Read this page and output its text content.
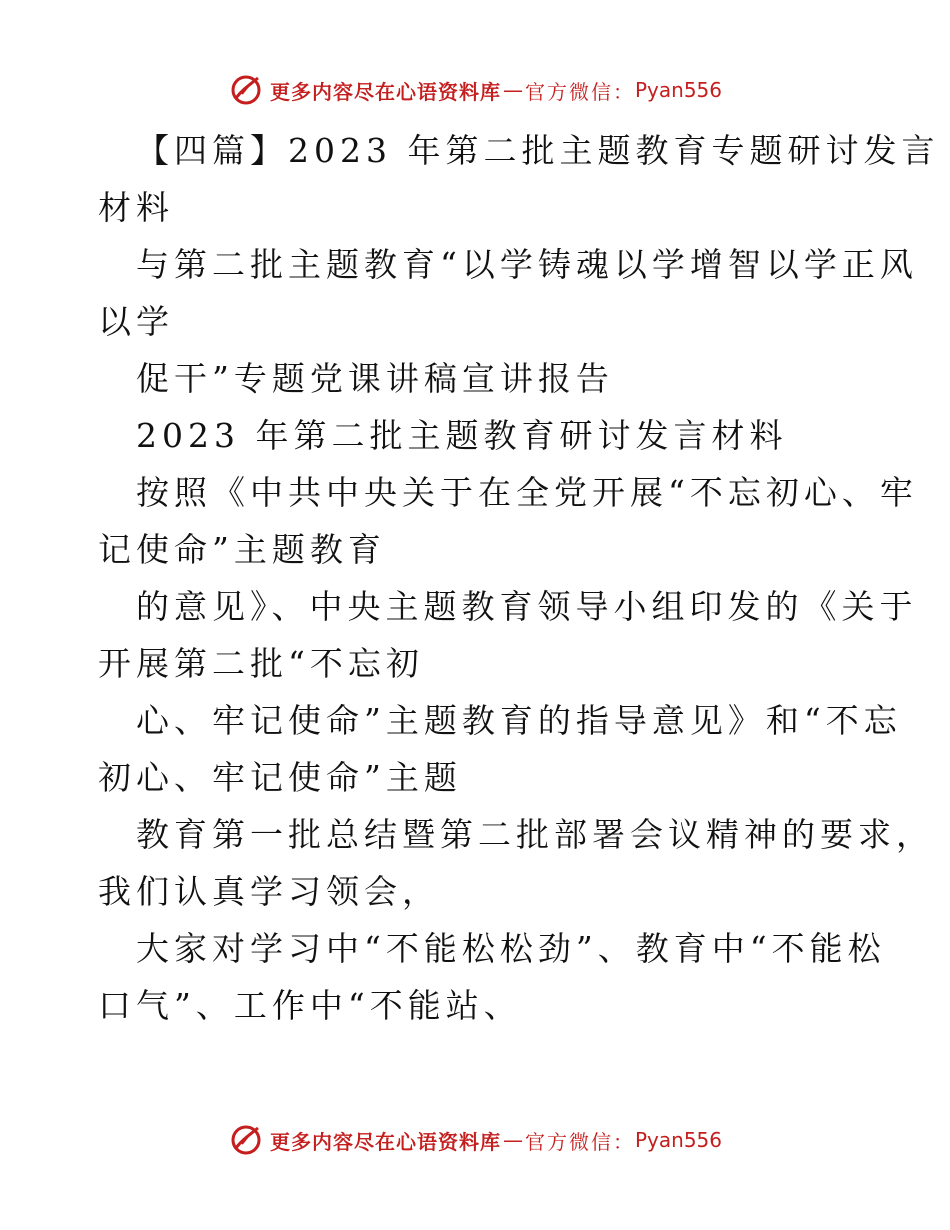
更多内容尽在心语资料库 — 官方微信： Pyan556
【四篇】2023 年第二批主题教育专题研讨发言
材料
与第二批主题教育“以学铸魂以学增智以学正风
以学
促干”专题党课讲稿宣讲报告
2023 年第二批主题教育研讨发言材料
按照《中共中央关于在全党开展“不忘初心、牢
记使命”主题教育
的意见》、中央主题教育领导小组印发的《关于
开展第二批“不忘初
心、牢记使命”主题教育的指导意见》和“不忘
初心、牢记使命”主题
教育第一批总结暨第二批部署会议精神的要求，
我们认真学习领会，
大家对学习中“不能松松劲”、教育中“不能松
口气”、工作中“不能站、
更多内容尽在心语资料库 — 官方微信： Pyan556
